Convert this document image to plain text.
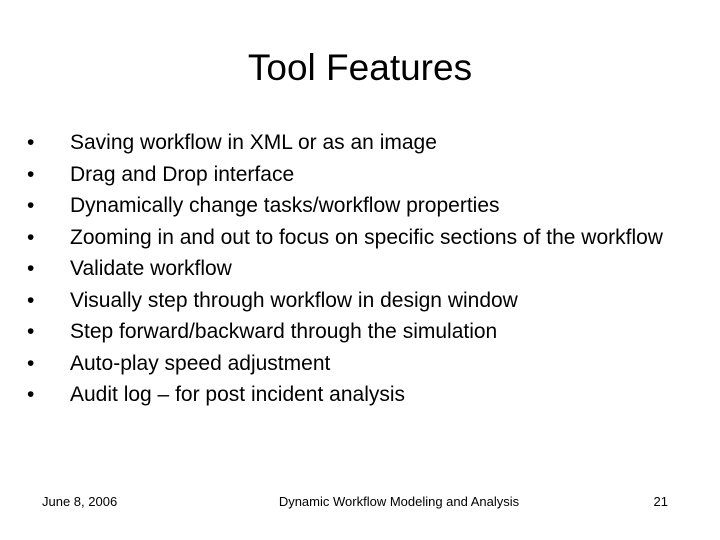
Tool Features
•	Saving workflow in XML or as an image
•	Drag and Drop interface
•	Dynamically change tasks/workflow properties
•	Zooming in and out to focus on specific sections of the workflow
•	Validate workflow
•	Visually step through workflow in design window
•	Step forward/backward through the simulation
•	Auto-play speed adjustment
•	Audit log – for post incident analysis
June 8, 2006	Dynamic Workflow Modeling and Analysis	21
